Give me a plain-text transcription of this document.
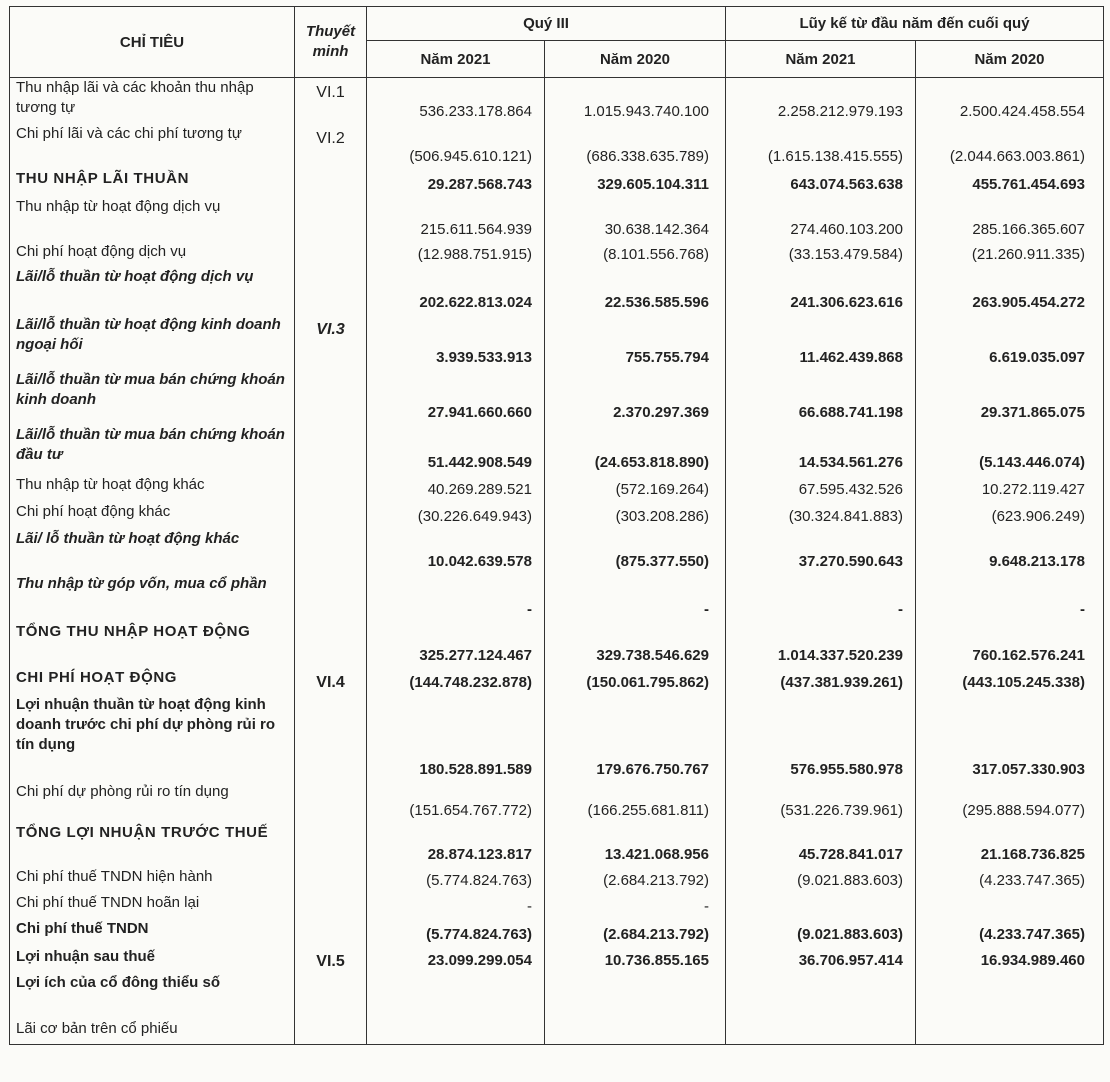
CHỈ TIÊU	Thuyết
minh	Quý III		Lũy kế từ đầu năm đến cuối quý	
		Năm 2021	Năm 2020	Năm 2021	Năm 2020
Thu nhập lãi và các khoản thu nhập tương tự	VI.1	536.233.178.864	1.015.943.740.100	2.258.212.979.193	2.500.424.458.554
Chi phí lãi và các chi phí tương tự	VI.2	(506.945.610.121)	(686.338.635.789)	(1.615.138.415.555)	(2.044.663.003.861)
THU NHẬP LÃI THUẦN		29.287.568.743	329.605.104.311	643.074.563.638	455.761.454.693
Thu nhập từ hoạt động dịch vụ		215.611.564.939	30.638.142.364	274.460.103.200	285.166.365.607
Chi phí hoạt động dịch vụ		(12.988.751.915)	(8.101.556.768)	(33.153.479.584)	(21.260.911.335)
Lãi/lỗ thuần từ hoạt động dịch vụ		202.622.813.024	22.536.585.596	241.306.623.616	263.905.454.272
Lãi/lỗ thuần từ hoạt động kinh doanh ngoại hối	VI.3	3.939.533.913	755.755.794	11.462.439.868	6.619.035.097
Lãi/lỗ thuần từ mua bán chứng khoán kinh doanh		27.941.660.660	2.370.297.369	66.688.741.198	29.371.865.075
Lãi/lỗ thuần từ mua bán chứng khoán đầu tư		51.442.908.549	(24.653.818.890)	14.534.561.276	(5.143.446.074)
Thu nhập từ hoạt động khác		40.269.289.521	(572.169.264)	67.595.432.526	10.272.119.427
Chi phí hoạt động khác		(30.226.649.943)	(303.208.286)	(30.324.841.883)	(623.906.249)
Lãi/ lỗ thuần từ hoạt động khác		10.042.639.578	(875.377.550)	37.270.590.643	9.648.213.178
Thu nhập từ góp vốn, mua cổ phần		-	-	-	-
TỔNG THU NHẬP HOẠT ĐỘNG		325.277.124.467	329.738.546.629	1.014.337.520.239	760.162.576.241
CHI PHÍ HOẠT ĐỘNG	VI.4	(144.748.232.878)	(150.061.795.862)	(437.381.939.261)	(443.105.245.338)
Lợi nhuận thuần từ hoạt động kinh doanh trước chi phí dự phòng rủi ro tín dụng		180.528.891.589	179.676.750.767	576.955.580.978	317.057.330.903
Chi phí dự phòng rủi ro tín dụng		(151.654.767.772)	(166.255.681.811)	(531.226.739.961)	(295.888.594.077)
TỔNG LỢI NHUẬN TRƯỚC THUẾ		28.874.123.817	13.421.068.956	45.728.841.017	21.168.736.825
Chi phí thuế TNDN hiện hành		(5.774.824.763)	(2.684.213.792)	(9.021.883.603)	(4.233.747.365)
Chi phí thuế TNDN hoãn lại		-	-		
Chi phí thuế TNDN		(5.774.824.763)	(2.684.213.792)	(9.021.883.603)	(4.233.747.365)
Lợi nhuận sau thuế	VI.5	23.099.299.054	10.736.855.165	36.706.957.414	16.934.989.460
Lợi ích của cổ đông thiểu số					
Lãi cơ bản trên cổ phiếu					
